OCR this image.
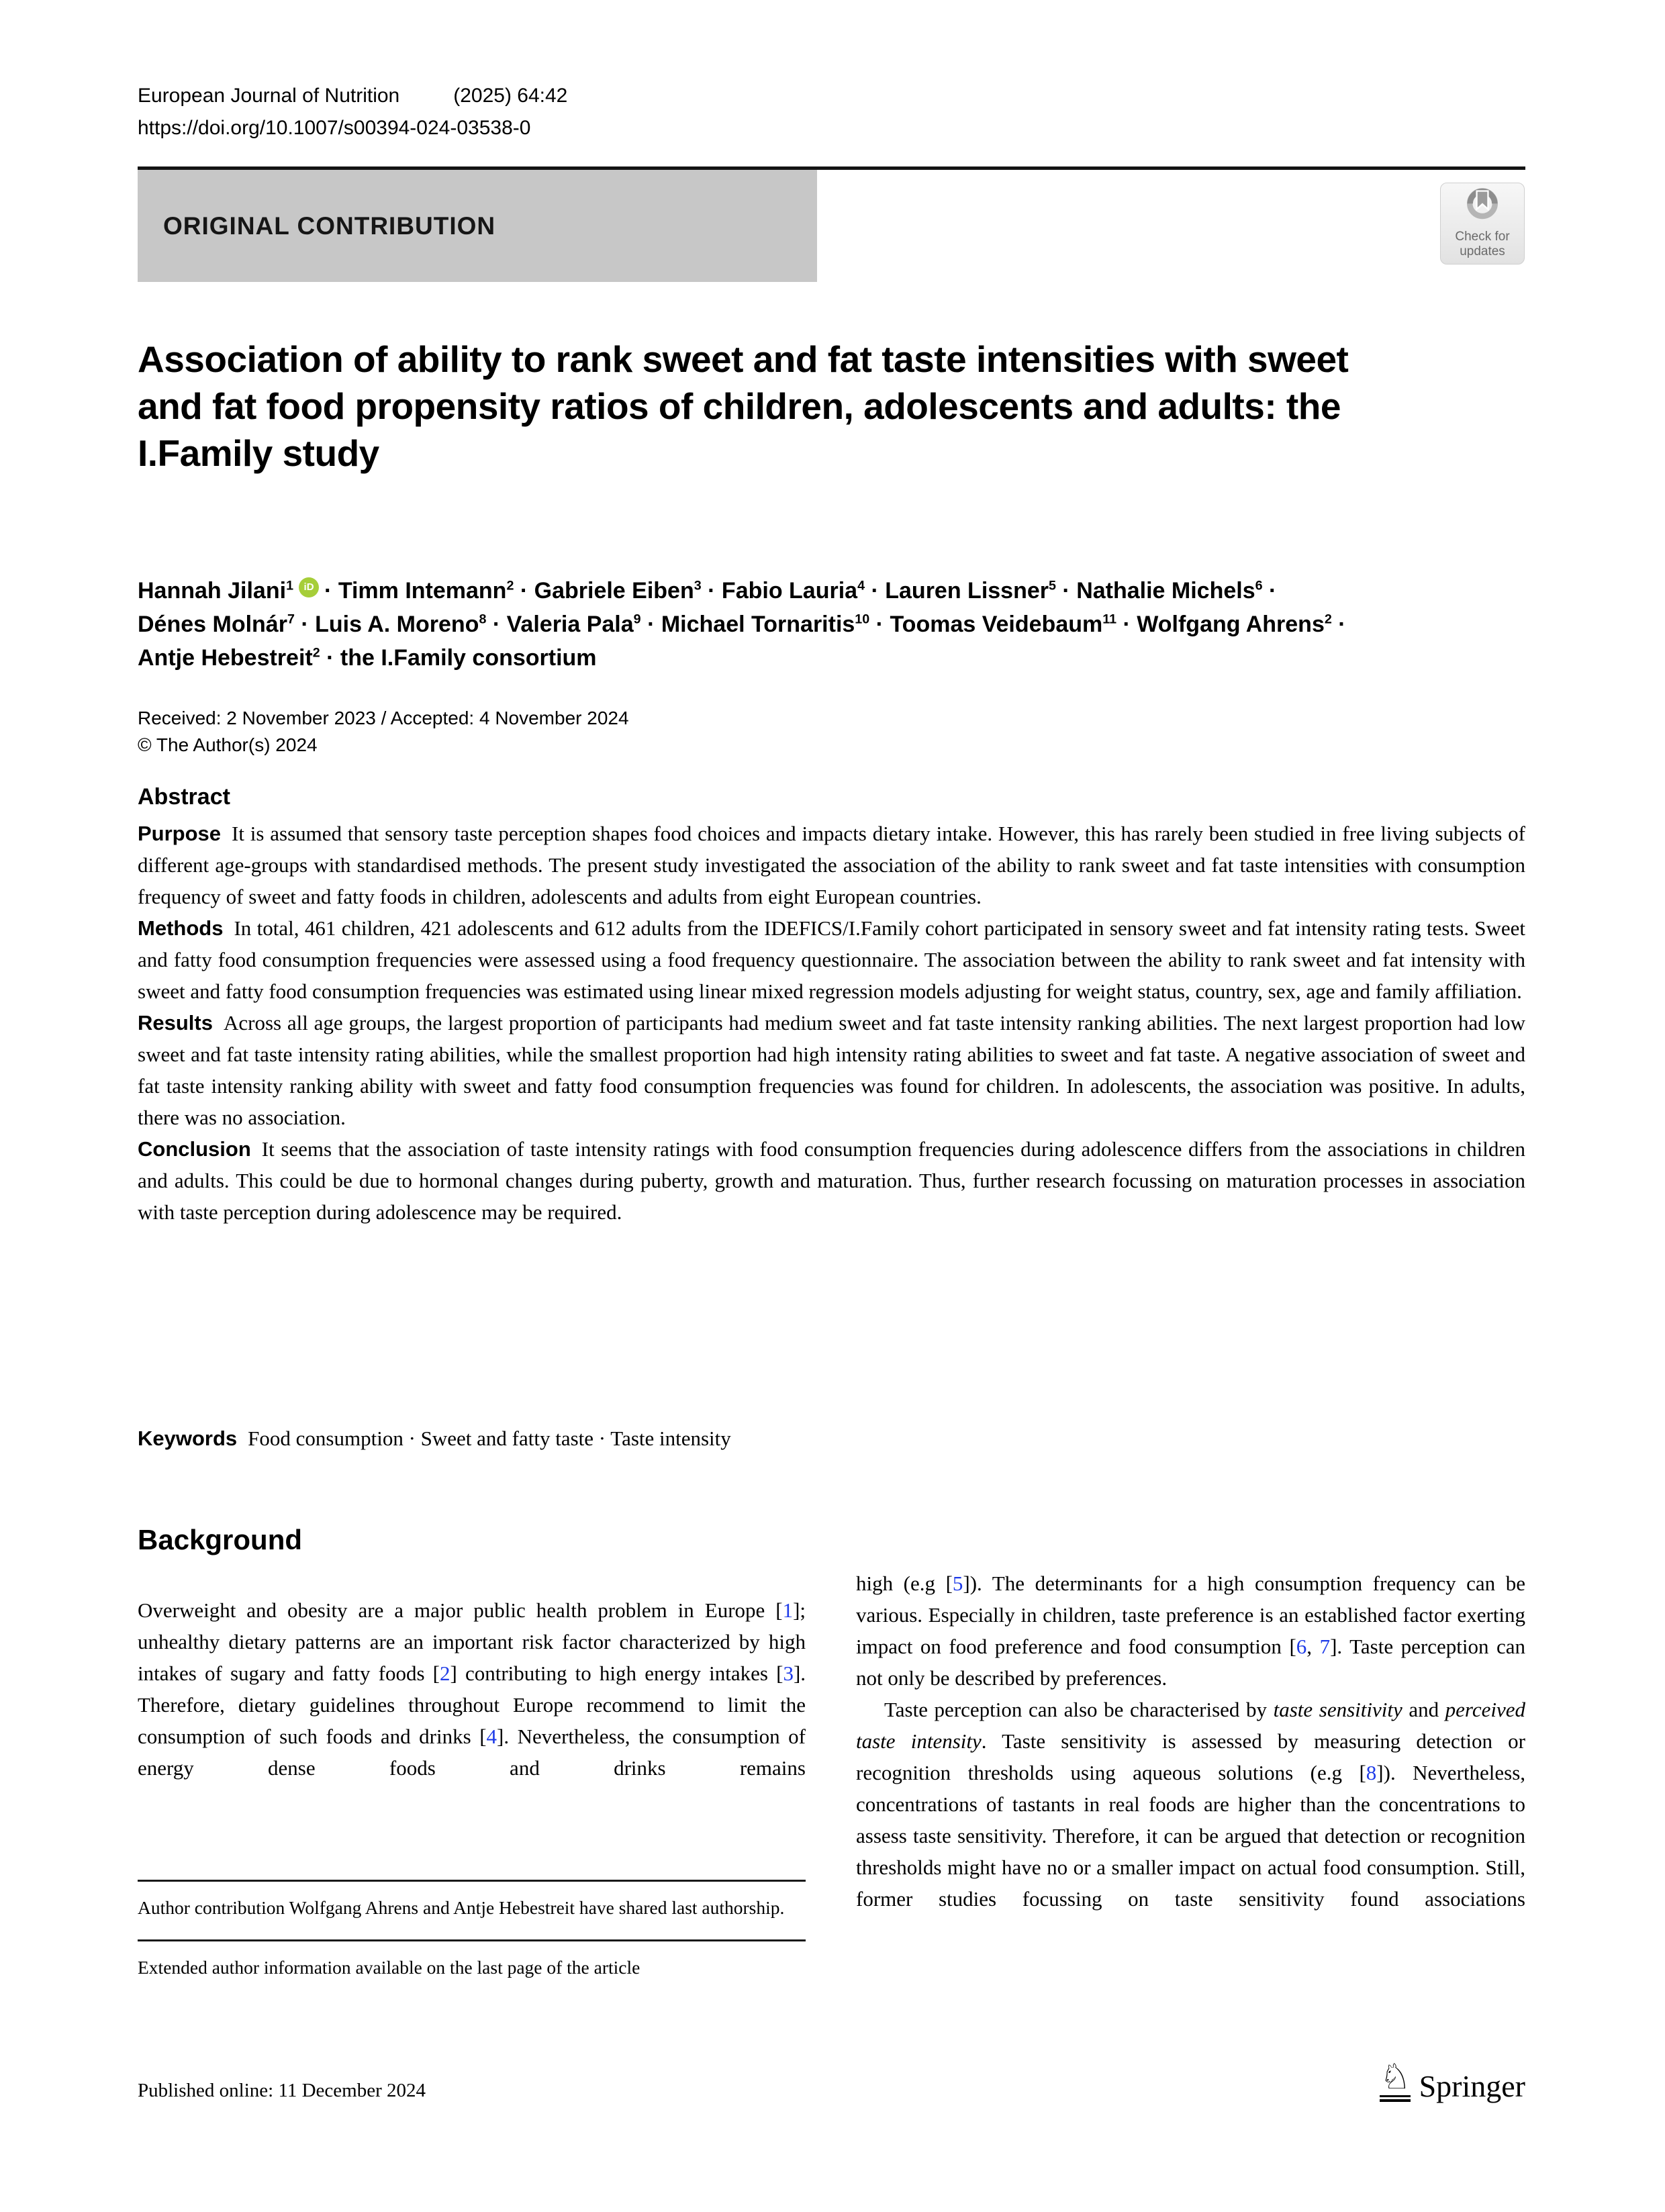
European Journal of Nutrition	(2025) 64:42
https://doi.org/10.1007/s00394-024-03538-0
ORIGINAL CONTRIBUTION	Check for
updates
Association of ability to rank sweet and fat taste intensities with sweet
and fat food propensity ratios of children, adolescents and adults: the
I.Family study
Hannah Jilani$^1$ iD · Timm Intemann$^2$ · Gabriele Eiben$^3$ · Fabio Lauria$^4$ · Lauren Lissner$^5$ · Nathalie Michels$^6$ ·
Dénes Molnár$^7$ · Luis A. Moreno$^8$ · Valeria Pala$^9$ · Michael Tornaritis$^{10}$ · Toomas Veidebaum$^{11}$ · Wolfgang Ahrens$^2$ ·
Antje Hebestreit$^2$ · the I.Family consortium
Received: 2 November 2023 / Accepted: 4 November 2024
© The Author(s) 2024
Abstract

Purpose It is assumed that sensory taste perception shapes food choices and impacts dietary intake. However, this has rarely been studied in free living subjects of different age-groups with standardised methods. The present study investigated the association of the ability to rank sweet and fat taste intensities with consumption frequency of sweet and fatty foods in children, adolescents and adults from eight European countries.

Methods In total, 461 children, 421 adolescents and 612 adults from the IDEFICS/I.Family cohort participated in sensory sweet and fat intensity rating tests. Sweet and fatty food consumption frequencies were assessed using a food frequency questionnaire. The association between the ability to rank sweet and fat intensity with sweet and fatty food consumption frequencies was estimated using linear mixed regression models adjusting for weight status, country, sex, age and family affiliation.

Results Across all age groups, the largest proportion of participants had medium sweet and fat taste intensity ranking abilities. The next largest proportion had low sweet and fat taste intensity rating abilities, while the smallest proportion had high intensity rating abilities to sweet and fat taste. A negative association of sweet and fat taste intensity ranking ability with sweet and fatty food consumption frequencies was found for children. In adolescents, the association was positive. In adults, there was no association.

Conclusion It seems that the association of taste intensity ratings with food consumption frequencies during adolescence differs from the associations in children and adults. This could be due to hormonal changes during puberty, growth and maturation. Thus, further research focussing on maturation processes in association with taste perception during adolescence may be required.

Keywords Food consumption · Sweet and fatty taste · Taste intensity
Background

Overweight and obesity are a major public health problem in Europe [1]; unhealthy dietary patterns are an important risk factor characterized by high intakes of sugary and fatty foods [2] contributing to high energy intakes [3]. Therefore, dietary guidelines throughout Europe recommend to limit the consumption of such foods and drinks [4]. Nevertheless, the consumption of energy dense foods and drinks remains

high (e.g [5]). The determinants for a high consumption frequency can be various. Especially in children, taste preference is an established factor exerting impact on food preference and food consumption [6, 7]. Taste perception can not only be described by preferences.

Taste perception can also be characterised by taste sensitivity and perceived taste intensity. Taste sensitivity is assessed by measuring detection or recognition thresholds using aqueous solutions (e.g [8]). Nevertheless, concentrations of tastants in real foods are higher than the concentrations to assess taste sensitivity. Therefore, it can be argued that detection or recognition thresholds might have no or a smaller impact on actual food consumption. Still, former studies focussing on taste sensitivity found associations

Author contribution Wolfgang Ahrens and Antje Hebestreit have shared last authorship.

Extended author information available on the last page of the article

Published online: 11 December 2024	♘ Springer
